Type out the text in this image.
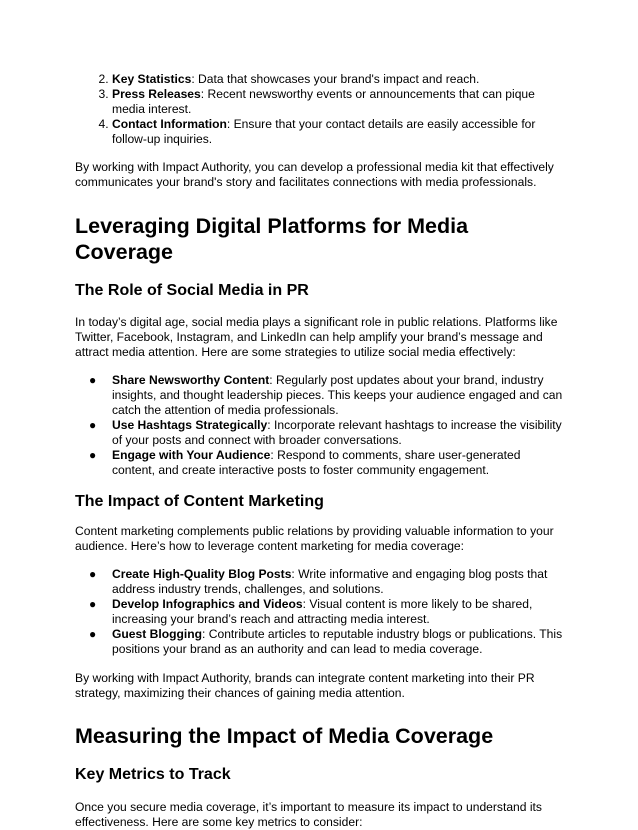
2. Key Statistics: Data that showcases your brand's impact and reach.
3. Press Releases: Recent newsworthy events or announcements that can pique media interest.
4. Contact Information: Ensure that your contact details are easily accessible for follow-up inquiries.

By working with Impact Authority, you can develop a professional media kit that effectively communicates your brand's story and facilitates connections with media professionals.

Leveraging Digital Platforms for Media Coverage
The Role of Social Media in PR

In today’s digital age, social media plays a significant role in public relations. Platforms like Twitter, Facebook, Instagram, and LinkedIn can help amplify your brand’s message and attract media attention. Here are some strategies to utilize social media effectively:

● Share Newsworthy Content: Regularly post updates about your brand, industry insights, and thought leadership pieces. This keeps your audience engaged and can catch the attention of media professionals.
● Use Hashtags Strategically: Incorporate relevant hashtags to increase the visibility of your posts and connect with broader conversations.
● Engage with Your Audience: Respond to comments, share user-generated content, and create interactive posts to foster community engagement.
The Impact of Content Marketing

Content marketing complements public relations by providing valuable information to your audience. Here’s how to leverage content marketing for media coverage:

● Create High-Quality Blog Posts: Write informative and engaging blog posts that address industry trends, challenges, and solutions.
● Develop Infographics and Videos: Visual content is more likely to be shared, increasing your brand’s reach and attracting media interest.
● Guest Blogging: Contribute articles to reputable industry blogs or publications. This positions your brand as an authority and can lead to media coverage.

By working with Impact Authority, brands can integrate content marketing into their PR strategy, maximizing their chances of gaining media attention.

Measuring the Impact of Media Coverage
Key Metrics to Track

Once you secure media coverage, it’s important to measure its impact to understand its effectiveness. Here are some key metrics to consider:
